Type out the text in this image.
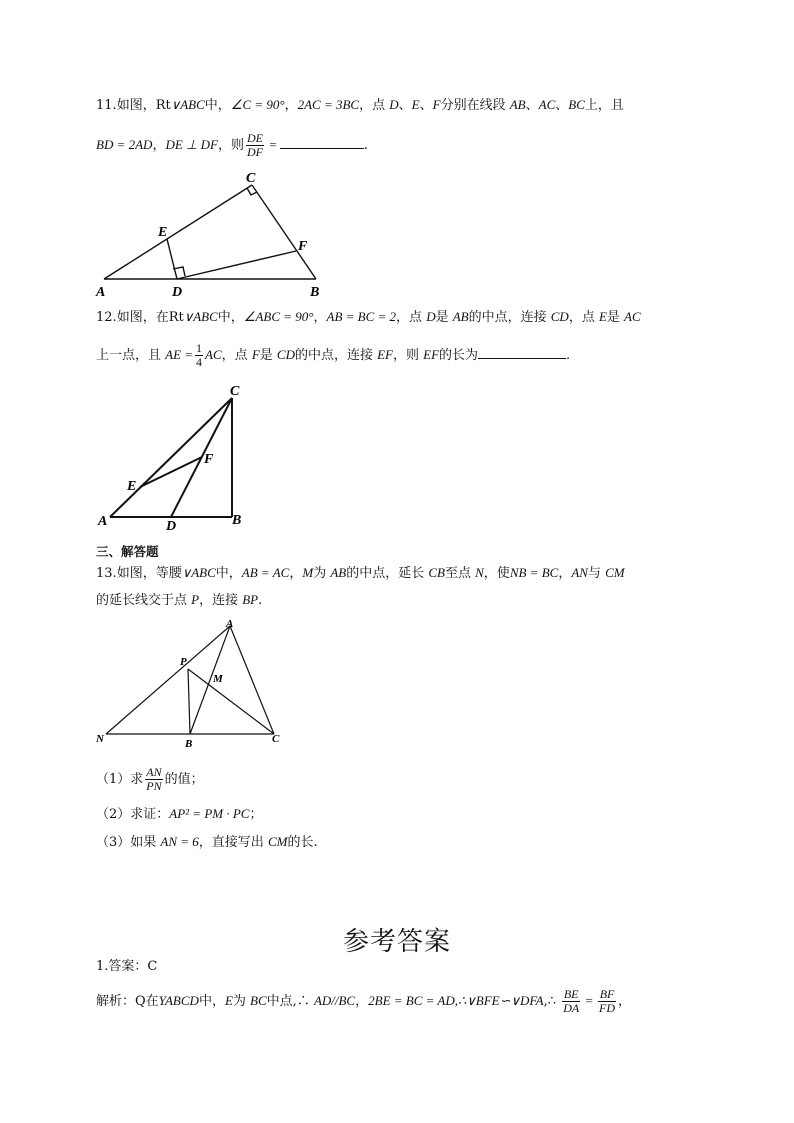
11.如图，Rt∨ABC中，∠C = 90°，2AC = 3BC，点 D、E、F分别在线段 AB、AC、BC上，且
BD = 2AD，DE ⊥ DF，则 $\frac{DE}{DF}$ =	.
A	D	B
E
C
F
12.如图，在Rt∨ABC中，∠ABC = 90°，AB = BC = 2，点 D是 AB的中点，连接 CD，点 E是 AC
上一点，且 AE = $\frac{1}{4}$ AC，点 F是 CD的中点，连接 EF，则 EF的长为	.
A	D	B
C
E
F
三、解答题
13.如图，等腰∨ABC中，AB = AC，M为 AB的中点，延长 CB至点 N，使NB = BC，AN与 CM
的延长线交于点 P，连接 BP.
N	B	C
A
P
M
（1）求 $\frac{AN}{PN}$ 的值；
（2）求证：AP² = PM · PC；
（3）如果 AN = 6，直接写出 CM的长.
参考答案
1.答案：C
解析：Q在YABCD中，E为 BC中点,∴ AD//BC，2BE = BC = AD,∴∨BFE∽∨DFA,∴ $\frac{BE}{DA} = \frac{BF}{FD}$ ，
